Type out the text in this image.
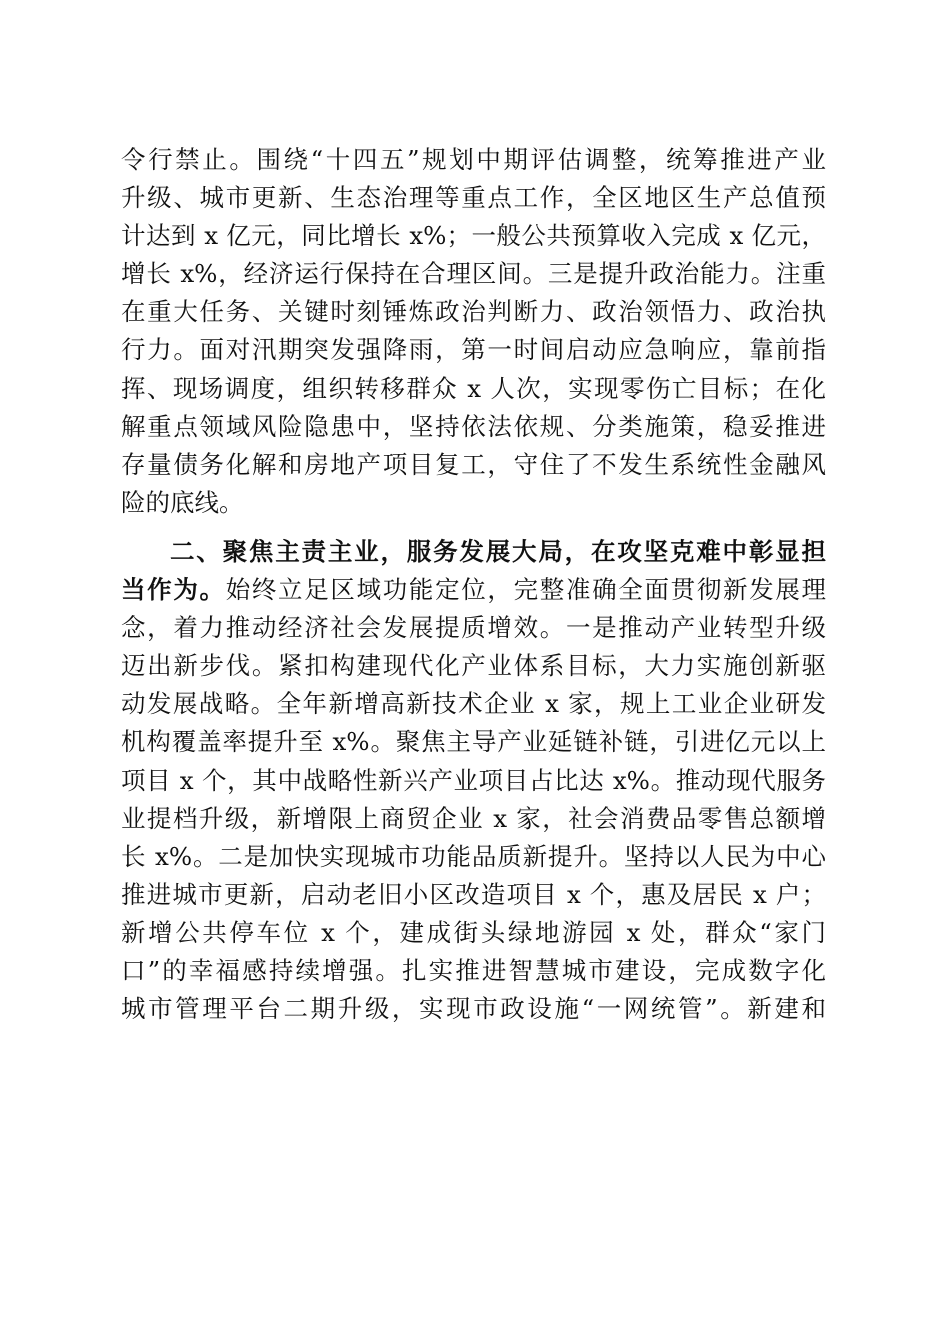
令行禁止。围绕“十四五”规划中期评估调整，统筹推进产业
升级、城市更新、生态治理等重点工作，全区地区生产总值预
计达到 x 亿元，同比增长 x%；一般公共预算收入完成 x 亿元，
增长 x%，经济运行保持在合理区间。三是提升政治能力。注重
在重大任务、关键时刻锤炼政治判断力、政治领悟力、政治执
行力。面对汛期突发强降雨，第一时间启动应急响应，靠前指
挥、现场调度，组织转移群众 x 人次，实现零伤亡目标；在化
解重点领域风险隐患中，坚持依法依规、分类施策，稳妥推进
存量债务化解和房地产项目复工，守住了不发生系统性金融风
险的底线。
二、聚焦主责主业，服务发展大局，在攻坚克难中彰显担
当作为。始终立足区域功能定位，完整准确全面贯彻新发展理
念，着力推动经济社会发展提质增效。一是推动产业转型升级
迈出新步伐。紧扣构建现代化产业体系目标，大力实施创新驱
动发展战略。全年新增高新技术企业 x 家，规上工业企业研发
机构覆盖率提升至 x%。聚焦主导产业延链补链，引进亿元以上
项目 x 个，其中战略性新兴产业项目占比达 x%。推动现代服务
业提档升级，新增限上商贸企业 x 家，社会消费品零售总额增
长 x%。二是加快实现城市功能品质新提升。坚持以人民为中心
推进城市更新，启动老旧小区改造项目 x 个，惠及居民 x 户；
新增公共停车位 x 个，建成街头绿地游园 x 处，群众“家门
口”的幸福感持续增强。扎实推进智慧城市建设，完成数字化
城市管理平台二期升级，实现市政设施“一网统管”。新建和
